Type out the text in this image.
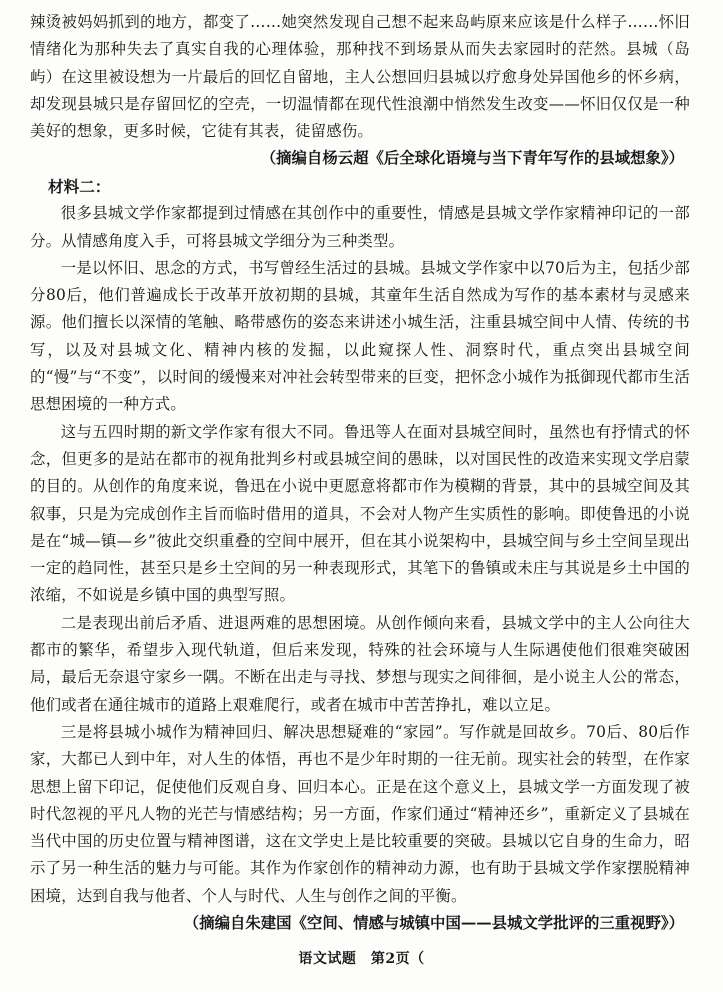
辣烫被妈妈抓到的地方，都变了……她突然发现自己想不起来岛屿原来应该是什么样子……怀旧情绪化为那种失去了真实自我的心理体验，那种找不到场景从而失去家园时的茫然。县城（岛屿）在这里被设想为一片最后的回忆自留地，主人公想回归县城以疗愈身处异国他乡的怀乡病，却发现县城只是存留回忆的空壳，一切温情都在现代性浪潮中悄然发生改变——怀旧仅仅是一种美好的想象，更多时候，它徒有其表，徒留感伤。

（摘编自杨云超《后全球化语境与当下青年写作的县域想象》）

材料二：

很多县城文学作家都提到过情感在其创作中的重要性，情感是县城文学作家精神印记的一部分。从情感角度入手，可将县城文学细分为三种类型。

一是以怀旧、思念的方式，书写曾经生活过的县城。县城文学作家中以70后为主，包括少部分80后，他们普遍成长于改革开放初期的县城，其童年生活自然成为写作的基本素材与灵感来源。他们擅长以深情的笔触、略带感伤的姿态来讲述小城生活，注重县城空间中人情、传统的书写，以及对县城文化、精神内核的发掘，以此窥探人性、洞察时代，重点突出县城空间的“慢”与“不变”，以时间的缓慢来对冲社会转型带来的巨变，把怀念小城作为抵御现代都市生活思想困境的一种方式。

这与五四时期的新文学作家有很大不同。鲁迅等人在面对县城空间时，虽然也有抒情式的怀念，但更多的是站在都市的视角批判乡村或县城空间的愚昧，以对国民性的改造来实现文学启蒙的目的。从创作的角度来说，鲁迅在小说中更愿意将都市作为模糊的背景，其中的县城空间及其叙事，只是为完成创作主旨而临时借用的道具，不会对人物产生实质性的影响。即使鲁迅的小说是在“城—镇—乡”彼此交织重叠的空间中展开，但在其小说架构中，县城空间与乡土空间呈现出一定的趋同性，甚至只是乡土空间的另一种表现形式，其笔下的鲁镇或未庄与其说是乡土中国的浓缩，不如说是乡镇中国的典型写照。

二是表现出前后矛盾、进退两难的思想困境。从创作倾向来看，县城文学中的主人公向往大都市的繁华，希望步入现代轨道，但后来发现，特殊的社会环境与人生际遇使他们很难突破困局，最后无奈退守家乡一隅。不断在出走与寻找、梦想与现实之间徘徊，是小说主人公的常态，他们或者在通往城市的道路上艰难爬行，或者在城市中苦苦挣扎，难以立足。

三是将县城小城作为精神回归、解决思想疑难的“家园”。写作就是回故乡。70后、80后作家，大都已人到中年，对人生的体悟，再也不是少年时期的一往无前。现实社会的转型，在作家思想上留下印记，促使他们反观自身、回归本心。正是在这个意义上，县城文学一方面发现了被时代忽视的平凡人物的光芒与情感结构；另一方面，作家们通过“精神还乡”，重新定义了县城在当代中国的历史位置与精神图谱，这在文学史上是比较重要的突破。县城以它自身的生命力，昭示了另一种生活的魅力与可能。其作为作家创作的精神动力源，也有助于县城文学作家摆脱精神困境，达到自我与他者、个人与时代、人生与创作之间的平衡。

（摘编自朱建国《空间、情感与城镇中国——县城文学批评的三重视野》）

语文试题　第2页（
